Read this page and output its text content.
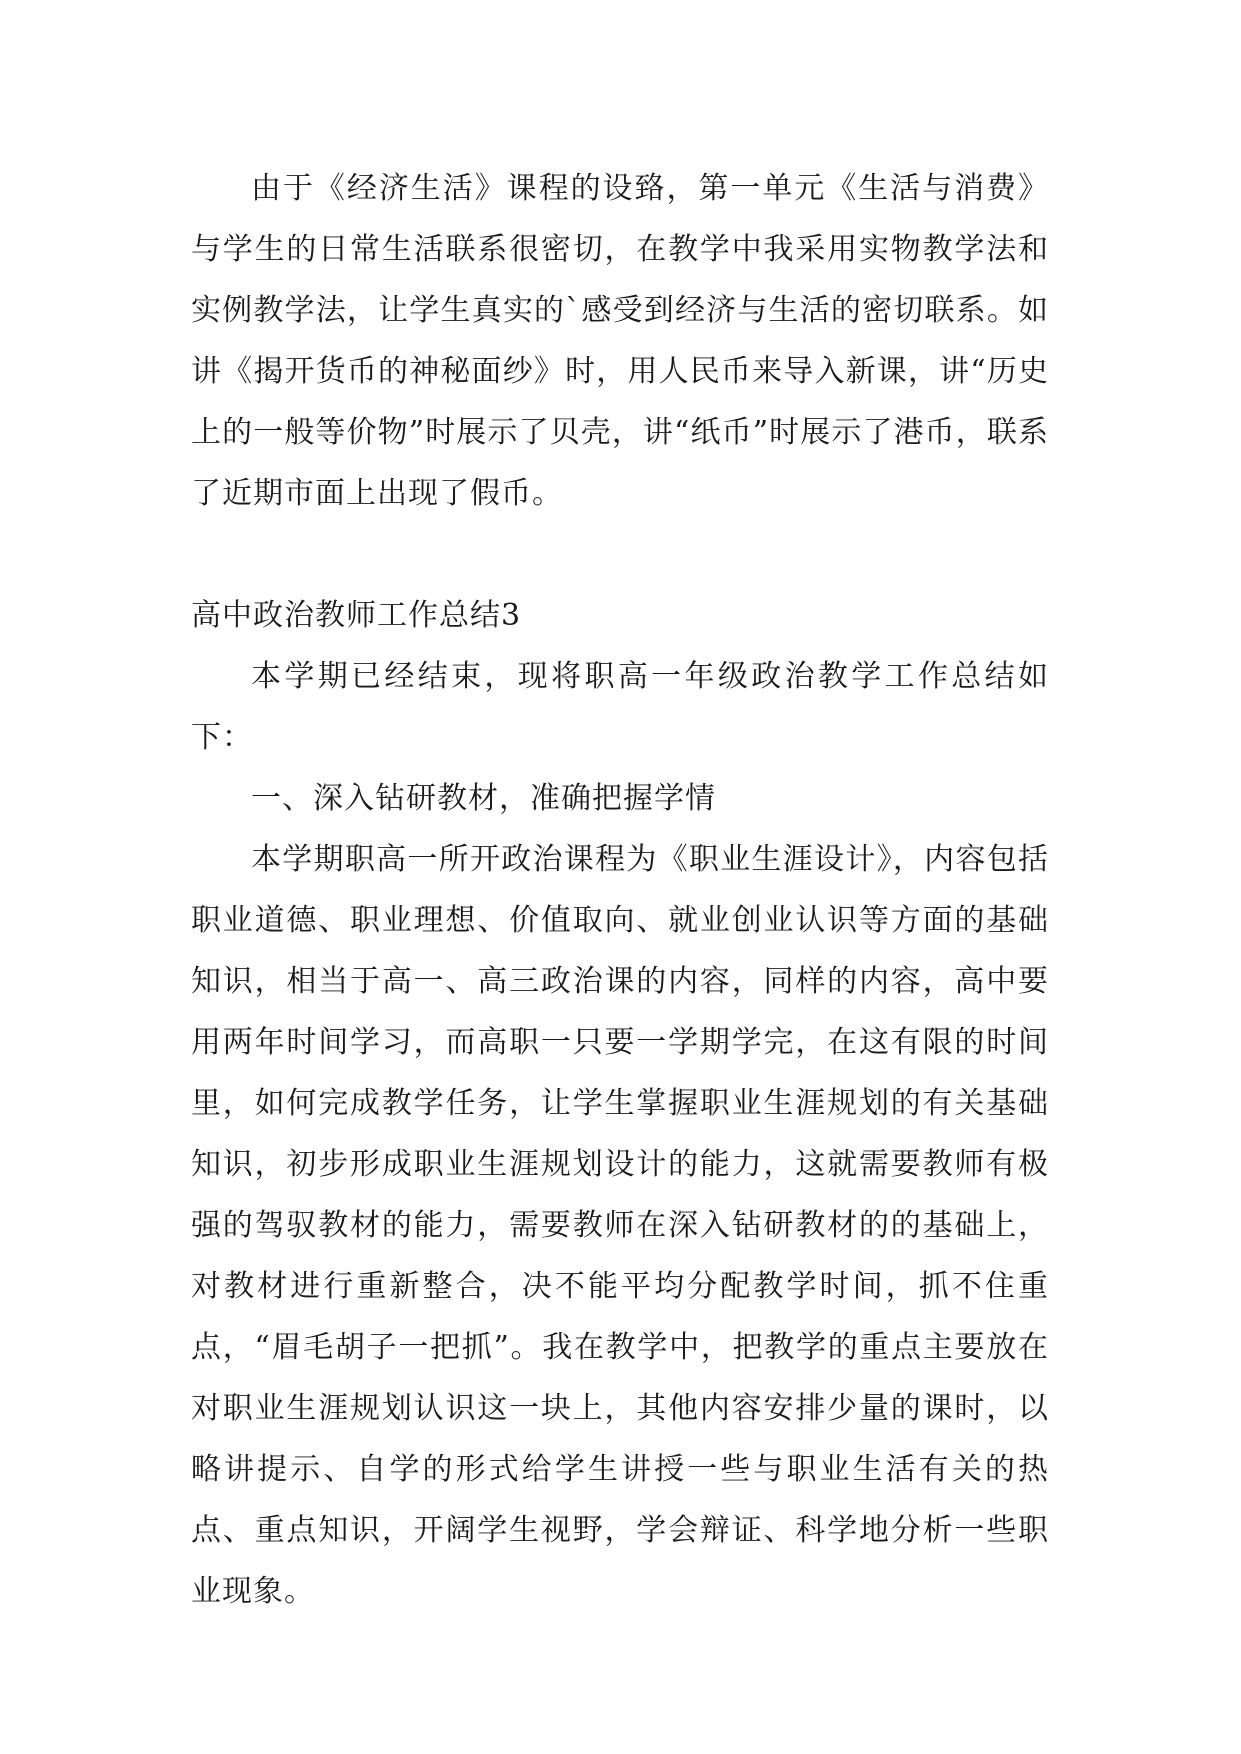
由于《经济生活》课程的设臵，第一单元《生活与消费》与学生的日常生活联系很密切，在教学中我采用实物教学法和实例教学法，让学生真实的`感受到经济与生活的密切联系。如讲《揭开货币的神秘面纱》时，用人民币来导入新课，讲“历史上的一般等价物”时展示了贝壳，讲“纸币”时展示了港币，联系了近期市面上出现了假币。

高中政治教师工作总结3

本学期已经结束，现将职高一年级政治教学工作总结如下：

一、深入钻研教材，准确把握学情

本学期职高一所开政治课程为《职业生涯设计》，内容包括职业道德、职业理想、价值取向、就业创业认识等方面的基础知识，相当于高一、高三政治课的内容，同样的内容，高中要用两年时间学习，而高职一只要一学期学完，在这有限的时间里，如何完成教学任务，让学生掌握职业生涯规划的有关基础知识，初步形成职业生涯规划设计的能力，这就需要教师有极强的驾驭教材的能力，需要教师在深入钻研教材的的基础上，对教材进行重新整合，决不能平均分配教学时间，抓不住重点，“眉毛胡子一把抓”。我在教学中，把教学的重点主要放在对职业生涯规划认识这一块上，其他内容安排少量的课时，以略讲提示、自学的形式给学生讲授一些与职业生活有关的热点、重点知识，开阔学生视野，学会辩证、科学地分析一些职业现象。
